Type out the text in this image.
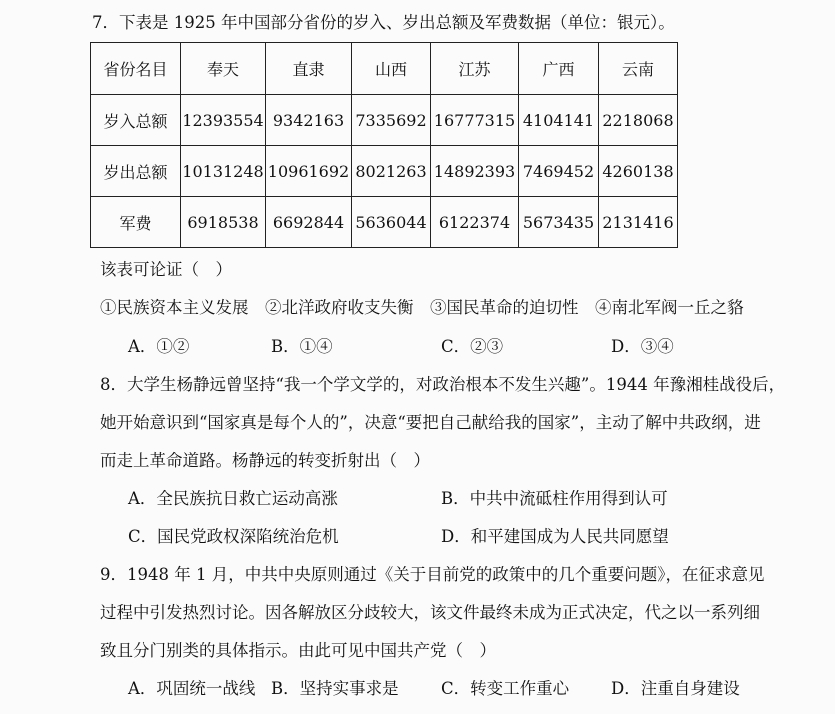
7．下表是 1925 年中国部分省份的岁入、岁出总额及军费数据（单位：银元）。
省份名目	奉天	直隶	山西	江苏	广西	云南
岁入总额	12393554	9342163	7335692	16777315	4104141	2218068
岁出总额	10131248	10961692	8021263	14892393	7469452	4260138
军费	6918538	6692844	5636044	6122374	5673435	2131416
该表可论证（　）
①民族资本主义发展　②北洋政府收支失衡　③国民革命的迫切性　④南北军阀一丘之貉
A．①②	B．①④	C．②③	D．③④
8．大学生杨静远曾坚持“我一个学文学的，对政治根本不发生兴趣”。1944 年豫湘桂战役后，
她开始意识到“国家真是每个人的”，决意“要把自己献给我的国家”，主动了解中共政纲，进
而走上革命道路。杨静远的转变折射出（　）
A．全民族抗日救亡运动高涨	B．中共中流砥柱作用得到认可
C．国民党政权深陷统治危机	D．和平建国成为人民共同愿望
9．1948 年 1 月，中共中央原则通过《关于目前党的政策中的几个重要问题》，在征求意见
过程中引发热烈讨论。因各解放区分歧较大，该文件最终未成为正式决定，代之以一系列细
致且分门别类的具体指示。由此可见中国共产党（　）
A．巩固统一战线 B．坚持实事求是	C．转变工作重心	D．注重自身建设
